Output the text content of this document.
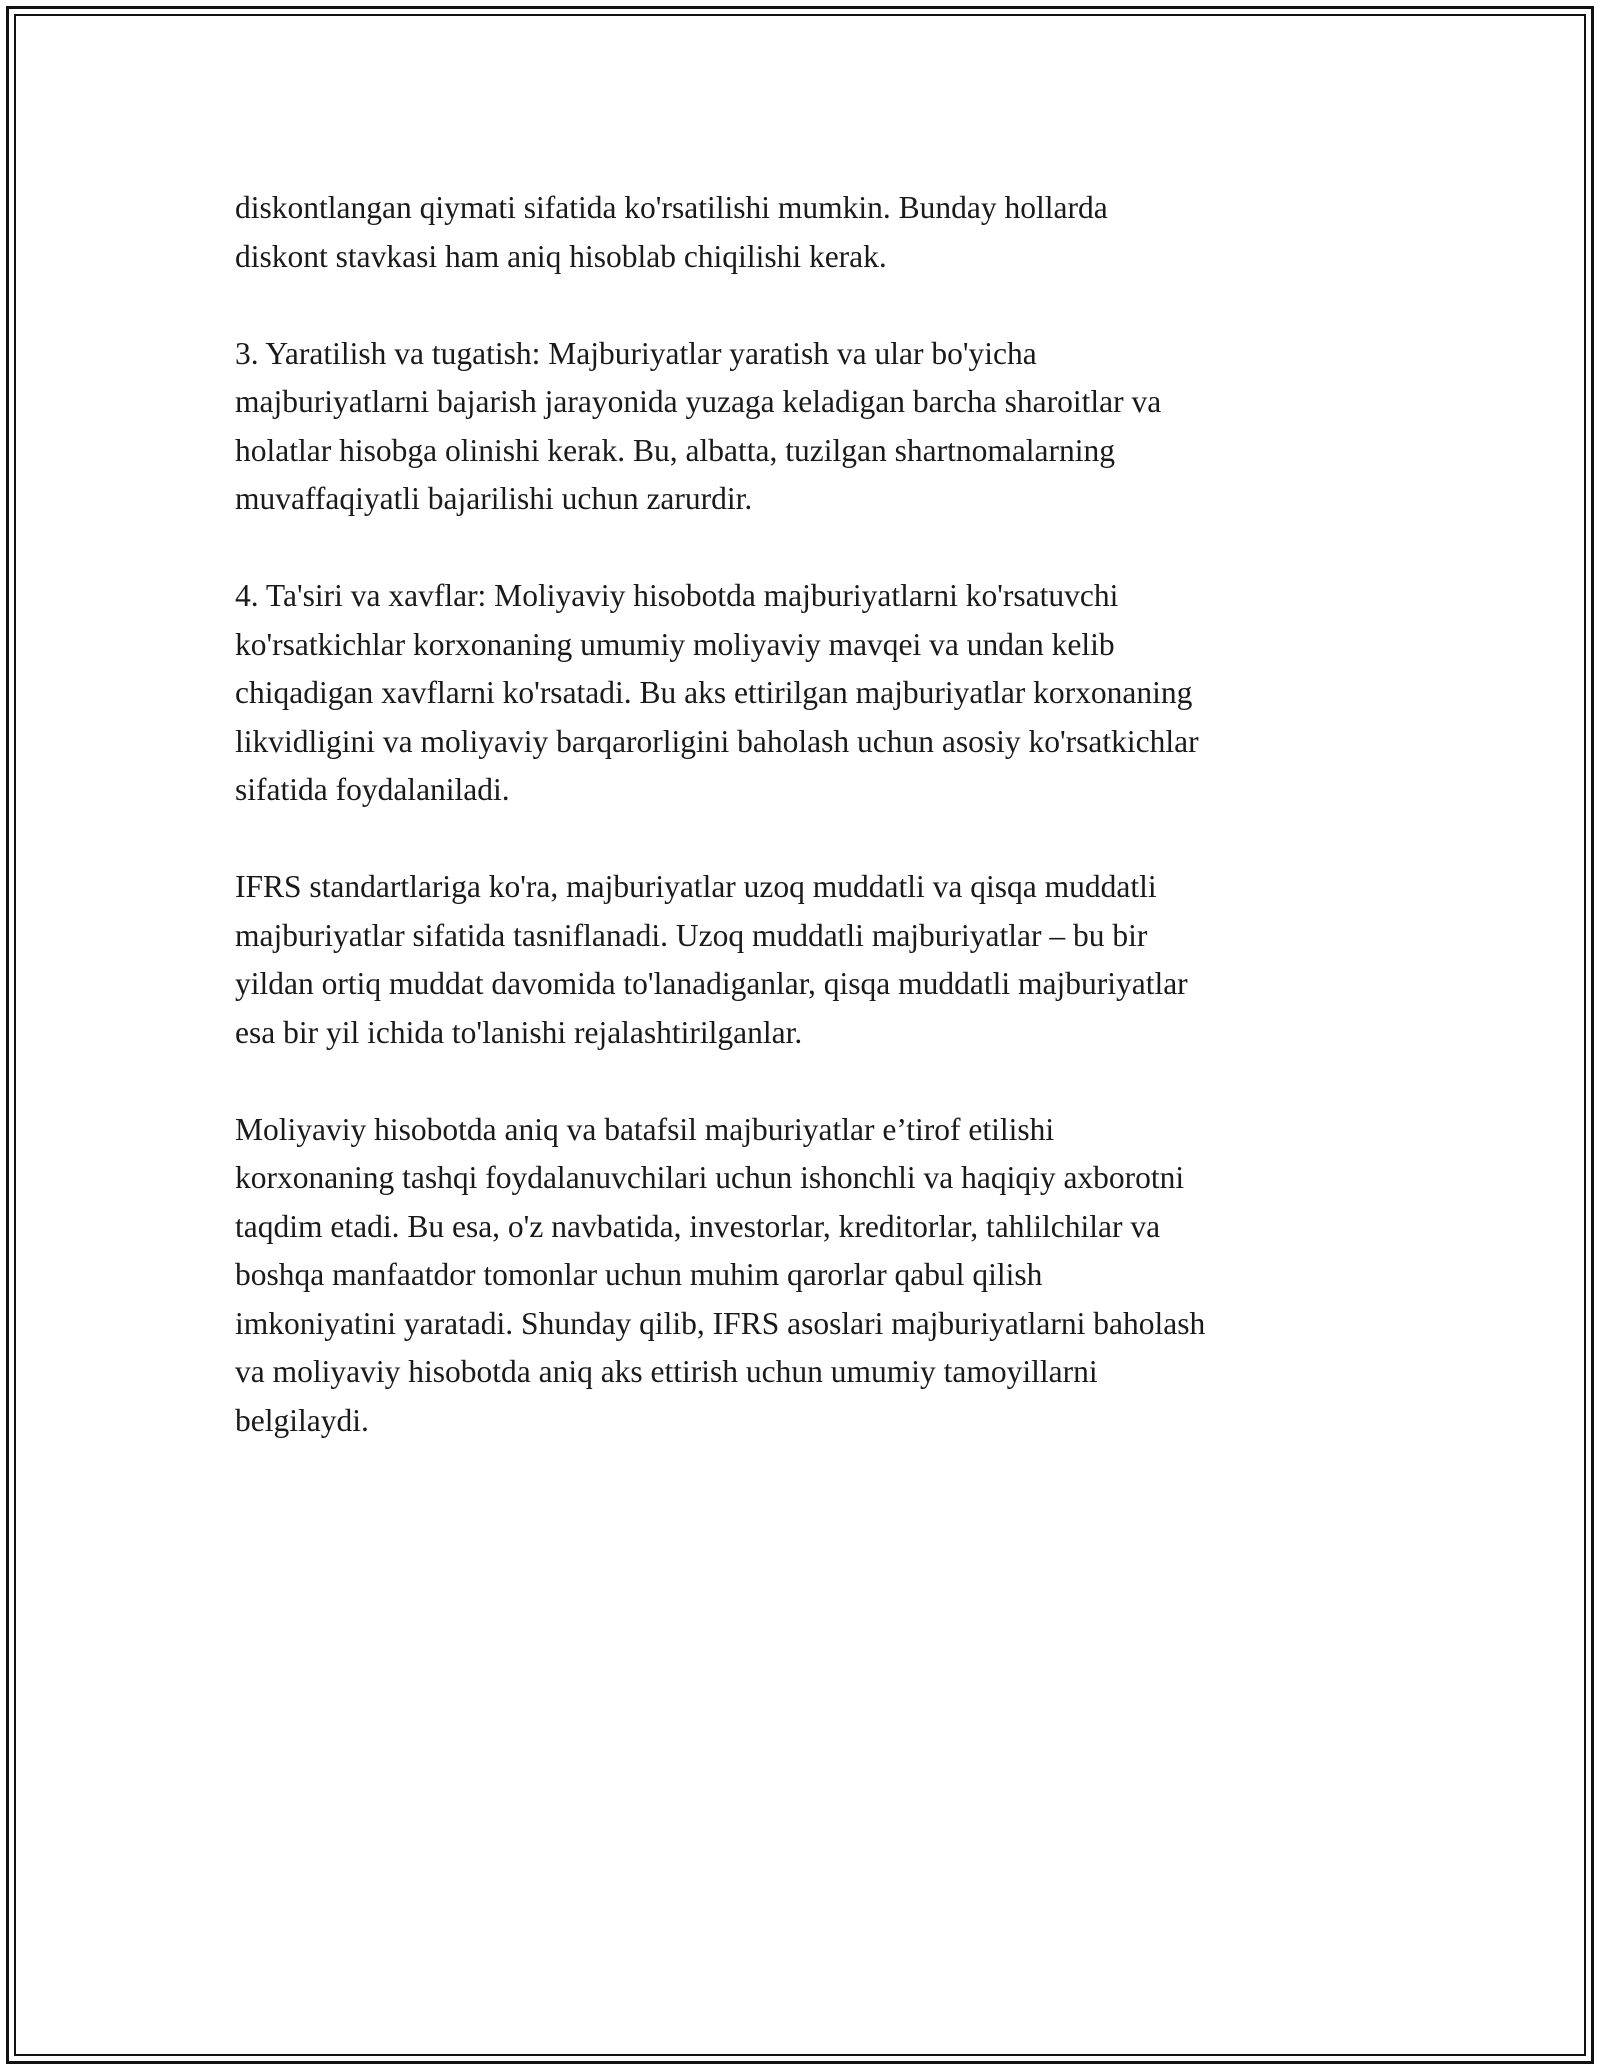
diskontlangan qiymati sifatida ko'rsatilishi mumkin. Bunday hollarda
diskont stavkasi ham aniq hisoblab chiqilishi kerak.

3. Yaratilish va tugatish: Majburiyatlar yaratish va ular bo'yicha
majburiyatlarni bajarish jarayonida yuzaga keladigan barcha sharoitlar va
holatlar hisobga olinishi kerak. Bu, albatta, tuzilgan shartnomalarning
muvaffaqiyatli bajarilishi uchun zarurdir.

4. Ta'siri va xavflar: Moliyaviy hisobotda majburiyatlarni ko'rsatuvchi
ko'rsatkichlar korxonaning umumiy moliyaviy mavqei va undan kelib
chiqadigan xavflarni ko'rsatadi. Bu aks ettirilgan majburiyatlar korxonaning
likvidligini va moliyaviy barqarorligini baholash uchun asosiy ko'rsatkichlar
sifatida foydalaniladi.

IFRS standartlariga ko'ra, majburiyatlar uzoq muddatli va qisqa muddatli
majburiyatlar sifatida tasniflanadi. Uzoq muddatli majburiyatlar – bu bir
yildan ortiq muddat davomida to'lanadiganlar, qisqa muddatli majburiyatlar
esa bir yil ichida to'lanishi rejalashtirilganlar.

Moliyaviy hisobotda aniq va batafsil majburiyatlar e’tirof etilishi
korxonaning tashqi foydalanuvchilari uchun ishonchli va haqiqiy axborotni
taqdim etadi. Bu esa, o'z navbatida, investorlar, kreditorlar, tahlilchilar va
boshqa manfaatdor tomonlar uchun muhim qarorlar qabul qilish
imkoniyatini yaratadi. Shunday qilib, IFRS asoslari majburiyatlarni baholash
va moliyaviy hisobotda aniq aks ettirish uchun umumiy tamoyillarni
belgilaydi.
